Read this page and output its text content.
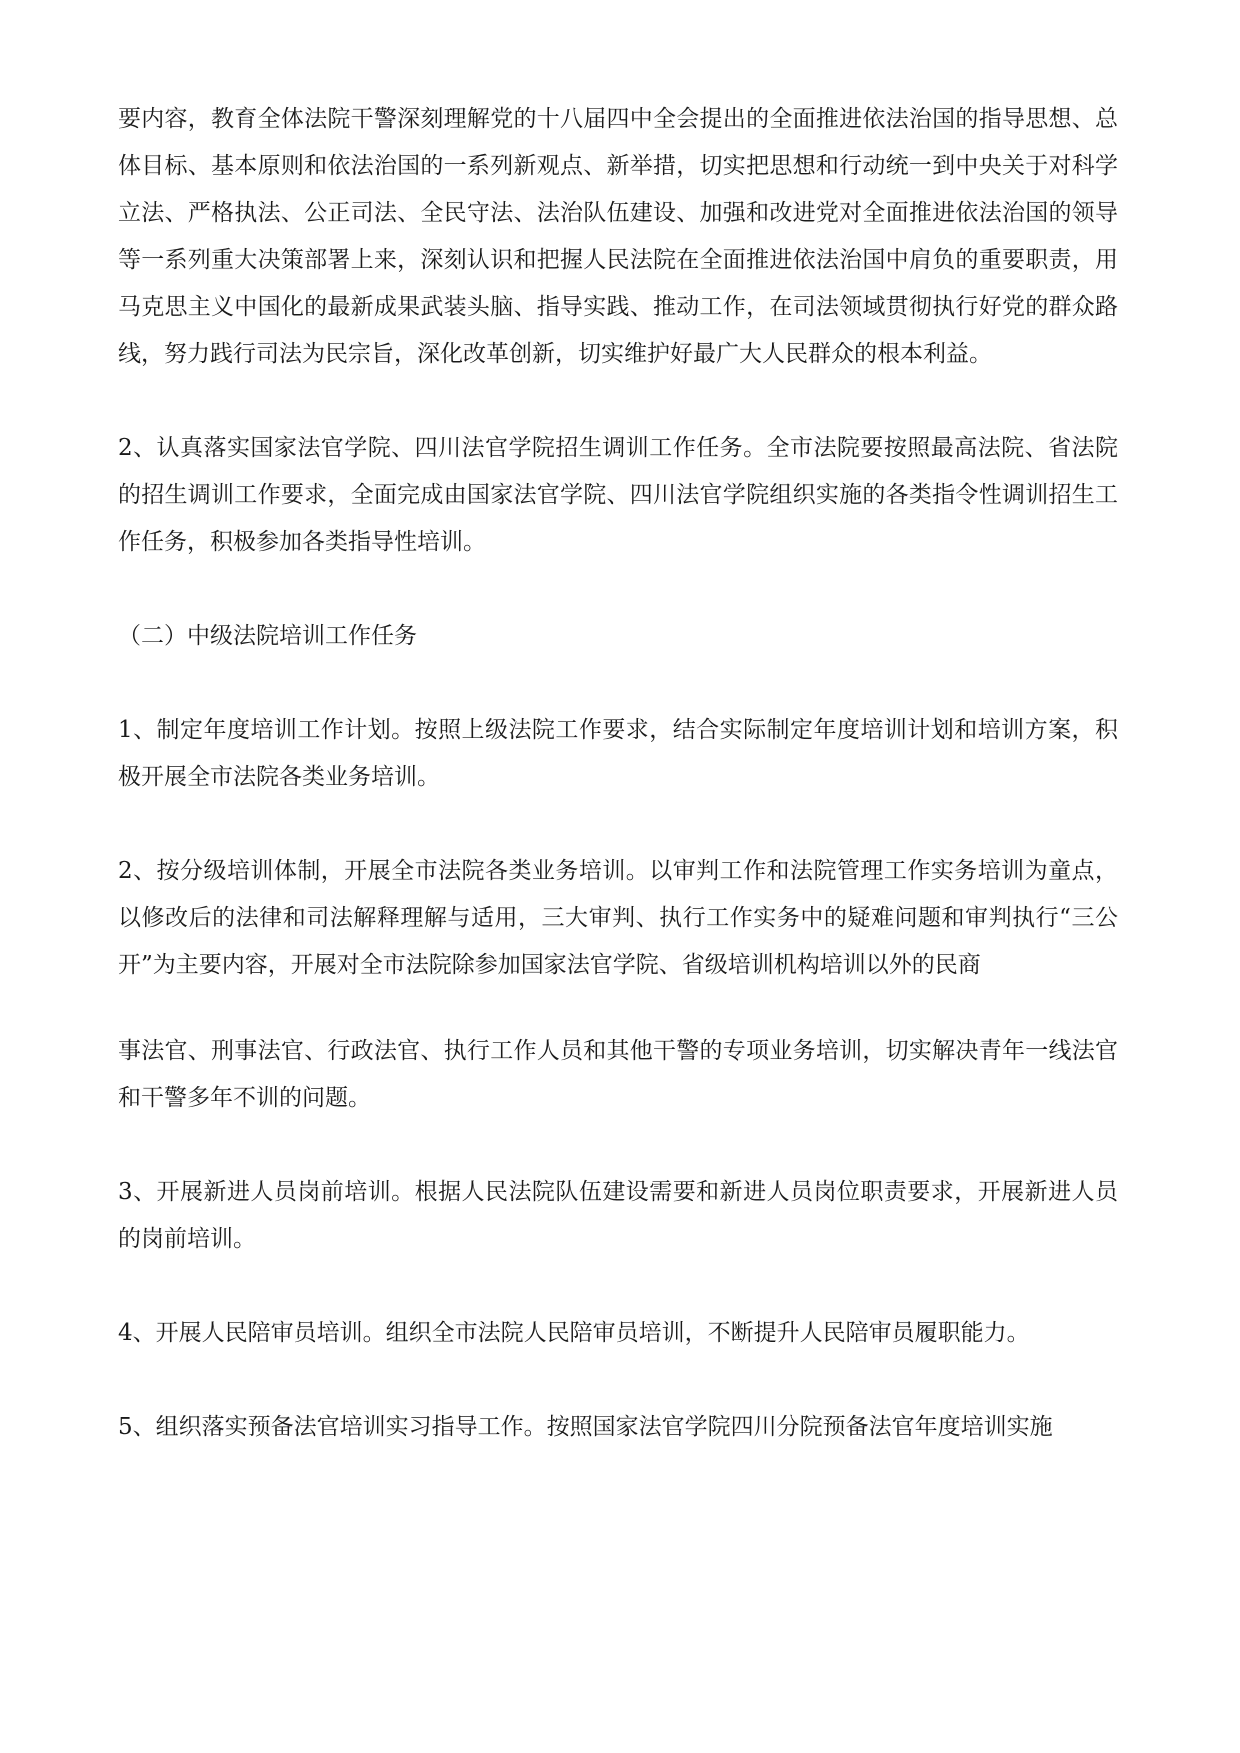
要内容，教育全体法院干警深刻理解党的十八届四中全会提出的全面推进依法治国的指导思想、总体目标、基本原则和依法治国的一系列新观点、新举措，切实把思想和行动统一到中央关于对科学立法、严格执法、公正司法、全民守法、法治队伍建设、加强和改进党对全面推进依法治国的领导等一系列重大决策部署上来，深刻认识和把握人民法院在全面推进依法治国中肩负的重要职责，用马克思主义中国化的最新成果武装头脑、指导实践、推动工作，在司法领域贯彻执行好党的群众路线，努力践行司法为民宗旨，深化改革创新，切实维护好最广大人民群众的根本利益。

2、认真落实国家法官学院、四川法官学院招生调训工作任务。全市法院要按照最高法院、省法院的招生调训工作要求，全面完成由国家法官学院、四川法官学院组织实施的各类指令性调训招生工作任务，积极参加各类指导性培训。

（二）中级法院培训工作任务

1、制定年度培训工作计划。按照上级法院工作要求，结合实际制定年度培训计划和培训方案，积极开展全市法院各类业务培训。

2、按分级培训体制，开展全市法院各类业务培训。以审判工作和法院管理工作实务培训为童点，以修改后的法律和司法解释理解与适用，三大审判、执行工作实务中的疑难问题和审判执行“三公开”为主要内容，开展对全市法院除参加国家法官学院、省级培训机构培训以外的民商

事法官、刑事法官、行政法官、执行工作人员和其他干警的专项业务培训，切实解决青年一线法官和干警多年不训的问题。

3、开展新进人员岗前培训。根据人民法院队伍建设需要和新进人员岗位职责要求，开展新进人员的岗前培训。

4、开展人民陪审员培训。组织全市法院人民陪审员培训，不断提升人民陪审员履职能力。

5、组织落实预备法官培训实习指导工作。按照国家法官学院四川分院预备法官年度培训实施
